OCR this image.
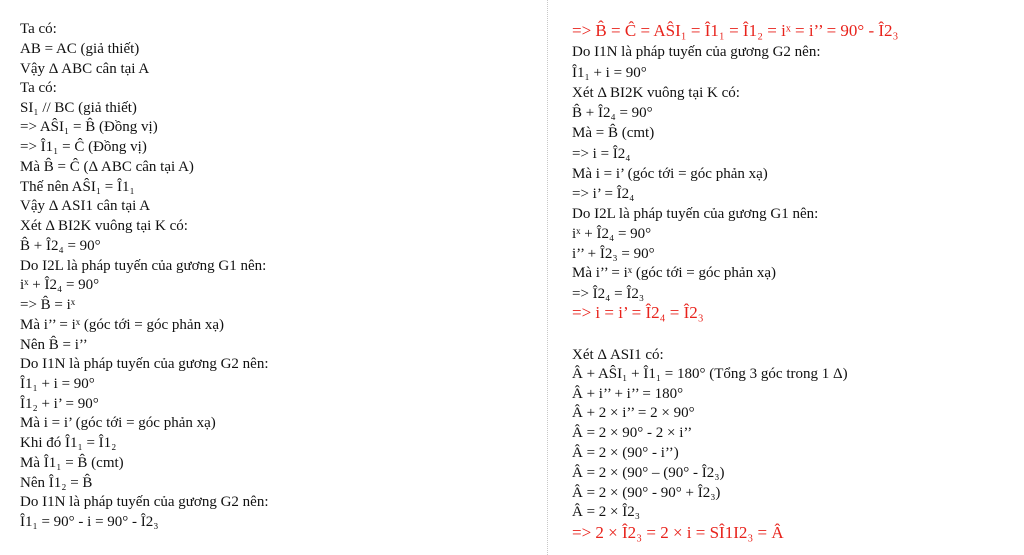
Ta có:
AB = AC (giả thiết)
Vậy Δ ABC cân tại A
Ta có:
SI₁ // BC (giả thiết)
=> AŜI₁ = B̂ (Đồng vị)
=> Î1₁ = Ĉ (Đồng vị)
Mà B̂ = Ĉ (Δ ABC cân tại A)
Thế nên AŜI₁ = Î1₁
Vậy Δ ASI1 cân tại A
Xét Δ BI2K vuông tại K có:
B̂ + Î2₄ = 90°
Do I2L là pháp tuyến của gương G1 nên:
iˣ + Î2₄ = 90°
=> B̂ = iˣ
Mà i’’ = iˣ (góc tới = góc phản xạ)
Nên B̂ = i’’
Do I1N là pháp tuyến của gương G2 nên:
Î1₁ + i = 90°
Î1₂ + i’ = 90°
Mà i = i’ (góc tới = góc phản xạ)
Khi đó Î1₁ = Î1₂
Mà Î1₁ = B̂ (cmt)
Nên Î1₂ = B̂
Do I1N là pháp tuyến của gương G2 nên:
Î1₁ = 90° - i = 90° - Î2₃
=> B̂ = Ĉ = AŜI₁ = Î1₁ = Î1₂ = iˣ = i’’ = 90° - Î2₃
Do I1N là pháp tuyến của gương G2 nên:
Î1₁ + i = 90°
Xét Δ BI2K vuông tại K có:
B̂ + Î2₄ = 90°
Mà = B̂ (cmt)
=> i = Î2₄
Mà i = i’ (góc tới = góc phản xạ)
=> i’ = Î2₄
Do I2L là pháp tuyến của gương G1 nên:
iˣ + Î2₄ = 90°
i’’ + Î2₃ = 90°
Mà i’’ = iˣ (góc tới = góc phản xạ)
=> Î2₄ = Î2₃
=> i = i’ = Î2₄ = Î2₃
Xét Δ ASI1 có:
Â + AŜI₁ + Î1₁ = 180° (Tổng 3 góc trong 1 Δ)
Â + i’’ + i’’ = 180°
Â + 2 × i’’ = 2 × 90°
Â = 2 × 90° - 2 × i’’
Â = 2 × (90° - i’’)
Â = 2 × (90° – (90° - Î2₃)
Â = 2 × (90° - 90° + Î2₃)
Â = 2 × Î2₃
=> 2 × Î2₃ = 2 × i = SÎ1I2₃ = Â
